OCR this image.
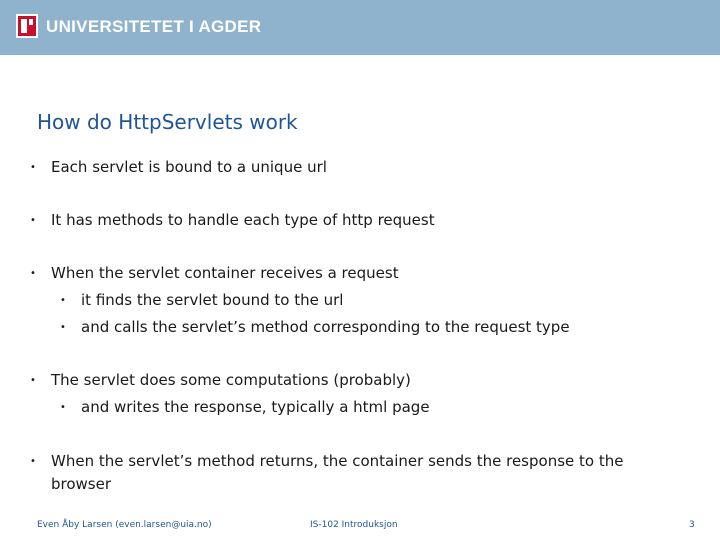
UNIVERSITETET I AGDER
How do HttpServlets work
•	Each servlet is bound to a unique url
•	It has methods to handle each type of http request
•	When the servlet container receives a request
•	it finds the servlet bound to the url
•	and calls the servlet’s method corresponding to the request type
•	The servlet does some computations (probably)
•	and writes the response, typically a html page
•	When the servlet’s method returns, the container sends the response to the browser
Even Åby Larsen (even.larsen@uia.no)	IS-102 Introduksjon	3
